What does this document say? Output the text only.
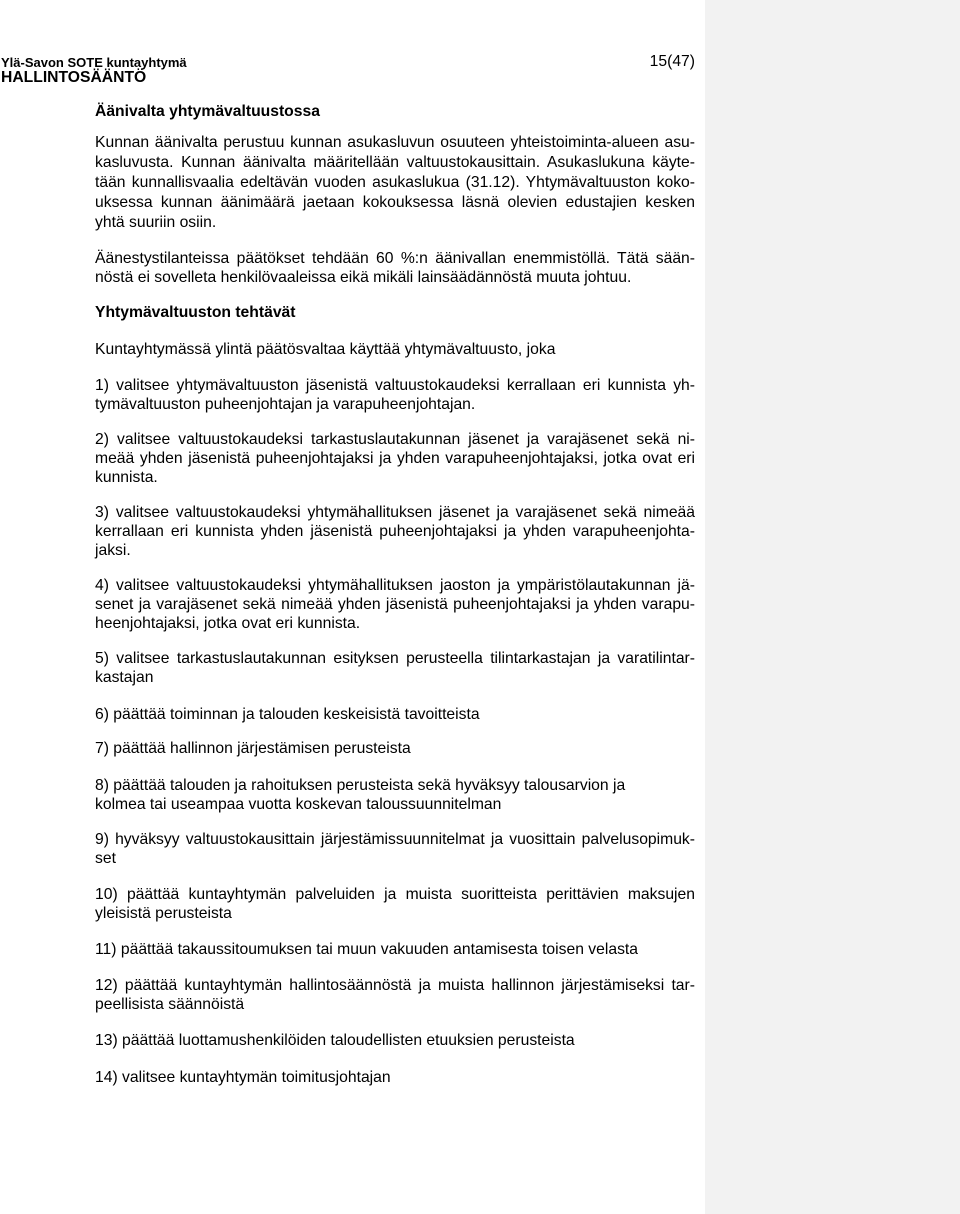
Ylä-Savon SOTE kuntayhtymä
HALLINTOSÄÄNTÖ
15(47)
Äänivalta yhtymävaltuustossa
Kunnan äänivalta perustuu kunnan asukasluvun osuuteen yhteistoiminta-alueen asu-
kasluvusta. Kunnan äänivalta määritellään valtuustokausittain. Asukaslukuna käyte-
tään kunnallisvaalia edeltävän vuoden asukaslukua (31.12). Yhtymävaltuuston koko-
uksessa kunnan äänimäärä jaetaan kokouksessa läsnä olevien edustajien kesken
yhtä suuriin osiin.
Äänestystilanteissa päätökset tehdään 60 %:n äänivallan enemmistöllä. Tätä sään-
nöstä ei sovelleta henkilövaaleissa eikä mikäli lainsäädännöstä muuta johtuu.
Yhtymävaltuuston tehtävät
Kuntayhtymässä ylintä päätösvaltaa käyttää yhtymävaltuusto, joka
1) valitsee yhtymävaltuuston jäsenistä valtuustokaudeksi kerrallaan eri kunnista yh-
tymävaltuuston puheenjohtajan ja varapuheenjohtajan.
2) valitsee valtuustokaudeksi tarkastuslautakunnan jäsenet ja varajäsenet sekä ni-
meää yhden jäsenistä puheenjohtajaksi ja yhden varapuheenjohtajaksi, jotka ovat eri
kunnista.
3) valitsee valtuustokaudeksi yhtymähallituksen jäsenet ja varajäsenet sekä nimeää
kerrallaan eri kunnista yhden jäsenistä puheenjohtajaksi ja yhden varapuheenjohta-
jaksi.
4) valitsee valtuustokaudeksi yhtymähallituksen jaoston ja ympäristölautakunnan jä-
senet ja varajäsenet sekä nimeää yhden jäsenistä puheenjohtajaksi ja yhden varapu-
heenjohtajaksi, jotka ovat eri kunnista.
5) valitsee tarkastuslautakunnan esityksen perusteella tilintarkastajan ja varatilintar-
kastajan
6) päättää toiminnan ja talouden keskeisistä tavoitteista
7) päättää hallinnon järjestämisen perusteista
8) päättää talouden ja rahoituksen perusteista sekä hyväksyy talousarvion ja
kolmea tai useampaa vuotta koskevan taloussuunnitelman
9) hyväksyy valtuustokausittain järjestämissuunnitelmat ja vuosittain palvelusopimuk-
set
10) päättää kuntayhtymän palveluiden ja muista suoritteista perittävien maksujen
yleisistä perusteista
11) päättää takaussitoumuksen tai muun vakuuden antamisesta toisen velasta
12) päättää kuntayhtymän hallintosäännöstä ja muista hallinnon järjestämiseksi tar-
peellisista säännöistä
13) päättää luottamushenkilöiden taloudellisten etuuksien perusteista
14) valitsee kuntayhtymän toimitusjohtajan
